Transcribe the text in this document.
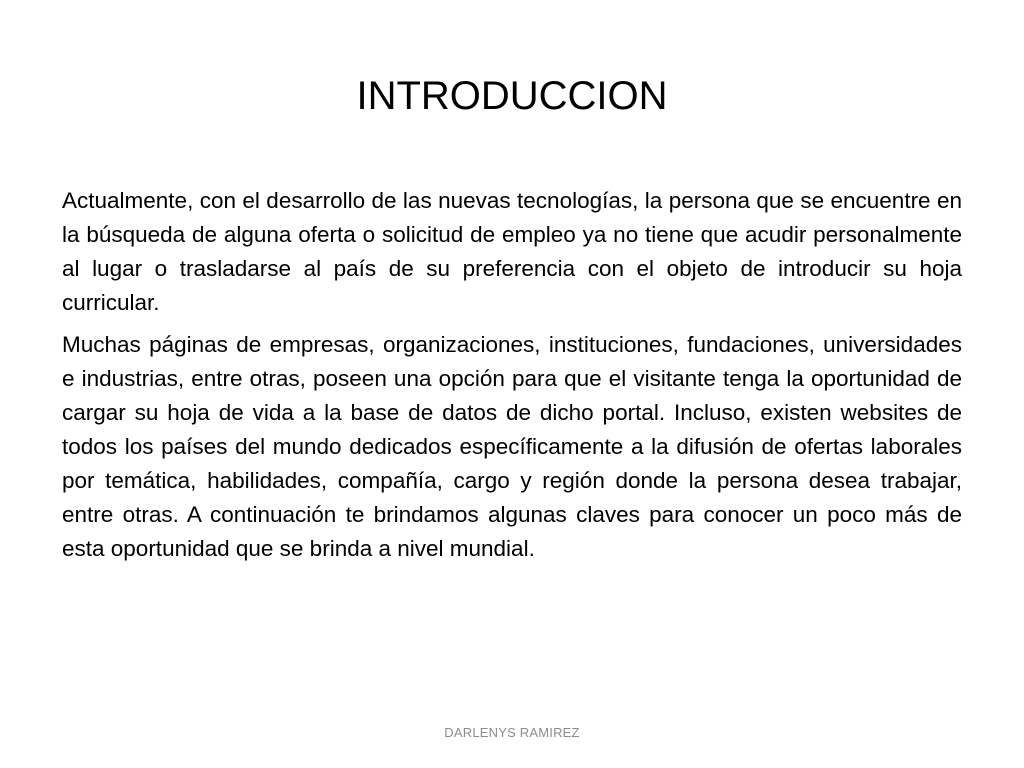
INTRODUCCION

Actualmente, con el desarrollo de las nuevas tecnologías, la persona que se encuentre en la búsqueda de alguna oferta o solicitud de empleo ya no tiene que acudir personalmente al lugar o trasladarse al país de su preferencia con el objeto de introducir su hoja curricular.

Muchas páginas de empresas, organizaciones, instituciones, fundaciones, universidades e industrias, entre otras, poseen una opción para que el visitante tenga la oportunidad de cargar su hoja de vida a la base de datos de dicho portal. Incluso, existen websites de todos los países del mundo dedicados específicamente a la difusión de ofertas laborales por temática, habilidades, compañía, cargo y región donde la persona desea trabajar, entre otras. A continuación te brindamos algunas claves para conocer un poco más de esta oportunidad que se brinda a nivel mundial.

DARLENYS RAMIREZ
